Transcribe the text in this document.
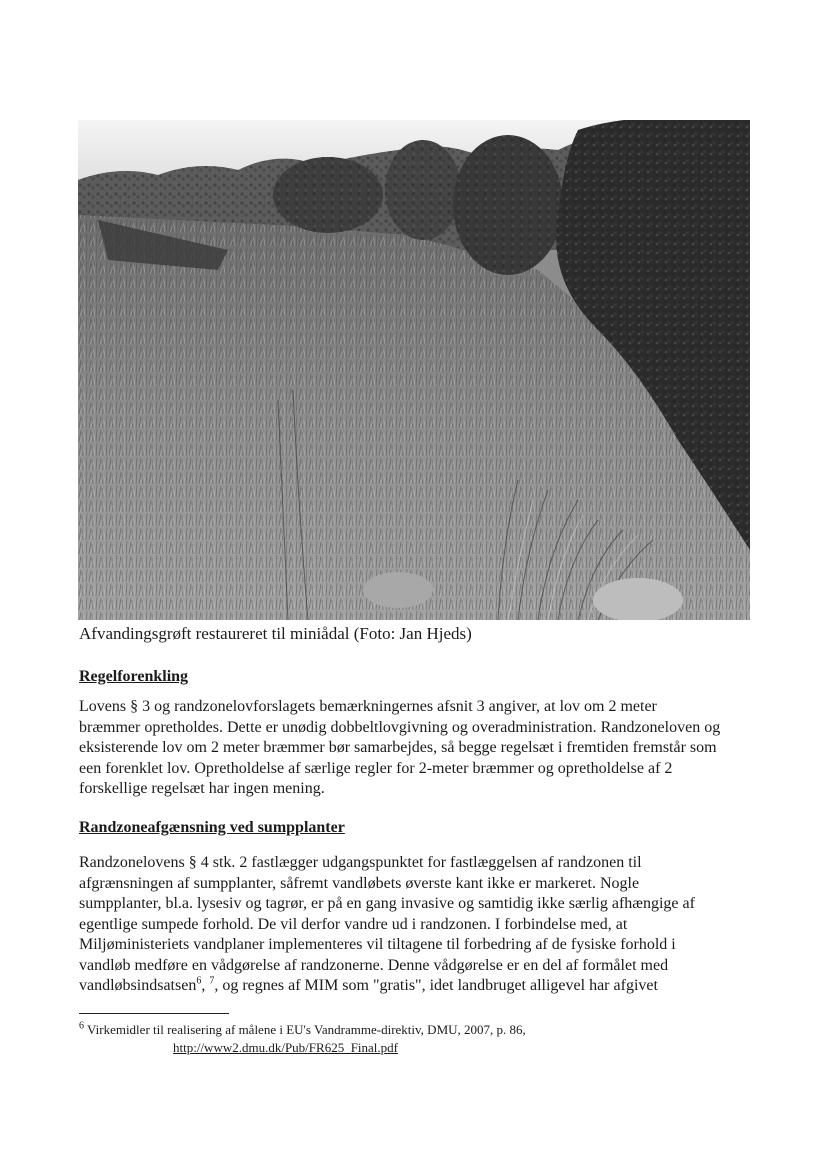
Afvandingsgrøft restaureret til miniådal (Foto: Jan Hjeds)
Regelforenkling
Lovens § 3 og randzonelovforslagets bemærkningernes afsnit 3 angiver, at lov om 2 meter
bræmmer opretholdes. Dette er unødig dobbeltlovgivning og overadministration. Randzoneloven og
eksisterende lov om 2 meter bræmmer bør samarbejdes, så begge regelsæt i fremtiden fremstår som
een forenklet lov. Opretholdelse af særlige regler for 2-meter bræmmer og opretholdelse af 2
forskellige regelsæt har ingen mening.
Randzoneafgænsning ved sumpplanter
Randzonelovens § 4 stk. 2 fastlægger udgangspunktet for fastlæggelsen af randzonen til
afgrænsningen af sumpplanter, såfremt vandløbets øverste kant ikke er markeret. Nogle
sumpplanter, bl.a. lysesiv og tagrør, er på en gang invasive og samtidig ikke særlig afhængige af
egentlige sumpede forhold. De vil derfor vandre ud i randzonen. I forbindelse med, at
Miljøministeriets vandplaner implementeres vil tiltagene til forbedring af de fysiske forhold i
vandløb medføre en vådgørelse af randzonerne. Denne vådgørelse er en del af formålet med
vandløbsindsatsen$^6$, $^7$, og regnes af MIM som "gratis", idet landbruget alligevel har afgivet
$^6$ Virkemidler til realisering af målene i EU's Vandramme-direktiv, DMU, 2007, p. 86,
http://www2.dmu.dk/Pub/FR625_Final.pdf
